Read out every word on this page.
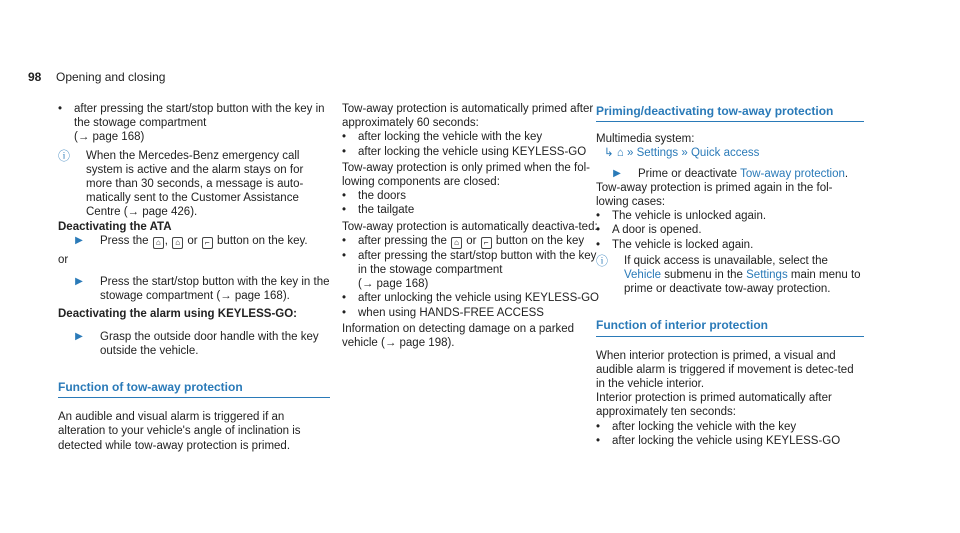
98 Opening and closing
•	after pressing the start/stop button with the key in the stowage compartment
(→ page 168)
ⓘ	When the Mercedes-Benz emergency call system is active and the alarm stays on for more than 30 seconds, a message is auto-matically sent to the Customer Assistance Centre (→ page 426).

Deactivating the ATA

▶	Press the ⌂ , ⌂ or ⌐ button on the key.

or

▶	Press the start/stop button with the key in the stowage compartment (→ page 168).

Deactivating the alarm using KEYLESS-GO:

▶	Grasp the outside door handle with the key outside the vehicle.

Function of tow-away protection

An audible and visual alarm is triggered if an alteration to your vehicle's angle of inclination is detected while tow-away protection is primed.

Tow-away protection is automatically primed after approximately 60 seconds:

•	after locking the vehicle with the key
•	after locking the vehicle using KEYLESS-GO

Tow-away protection is only primed when the fol-lowing components are closed:

•	the doors
•	the tailgate

Tow-away protection is automatically deactiva-ted:

•	after pressing the ⌂ or ⌐ button on the key
•	after pressing the start/stop button with the key in the stowage compartment
(→ page 168)
•	after unlocking the vehicle using KEYLESS-GO
•	when using HANDS-FREE ACCESS

Information on detecting damage on a parked vehicle (→ page 198).

Priming/deactivating tow-away protection

Multimedia system:

↳ ⌂ » Settings » Quick access

▶	Prime or deactivate Tow-away protection.

Tow-away protection is primed again in the fol-lowing cases:

•	The vehicle is unlocked again.
•	A door is opened.
•	The vehicle is locked again.
ⓘ	If quick access is unavailable, select the Vehicle submenu in the Settings main menu to prime or deactivate tow-away protection.

Function of interior protection

When interior protection is primed, a visual and audible alarm is triggered if movement is detec-ted in the vehicle interior.

Interior protection is primed automatically after approximately ten seconds:

•	after locking the vehicle with the key
•	after locking the vehicle using KEYLESS-GO
